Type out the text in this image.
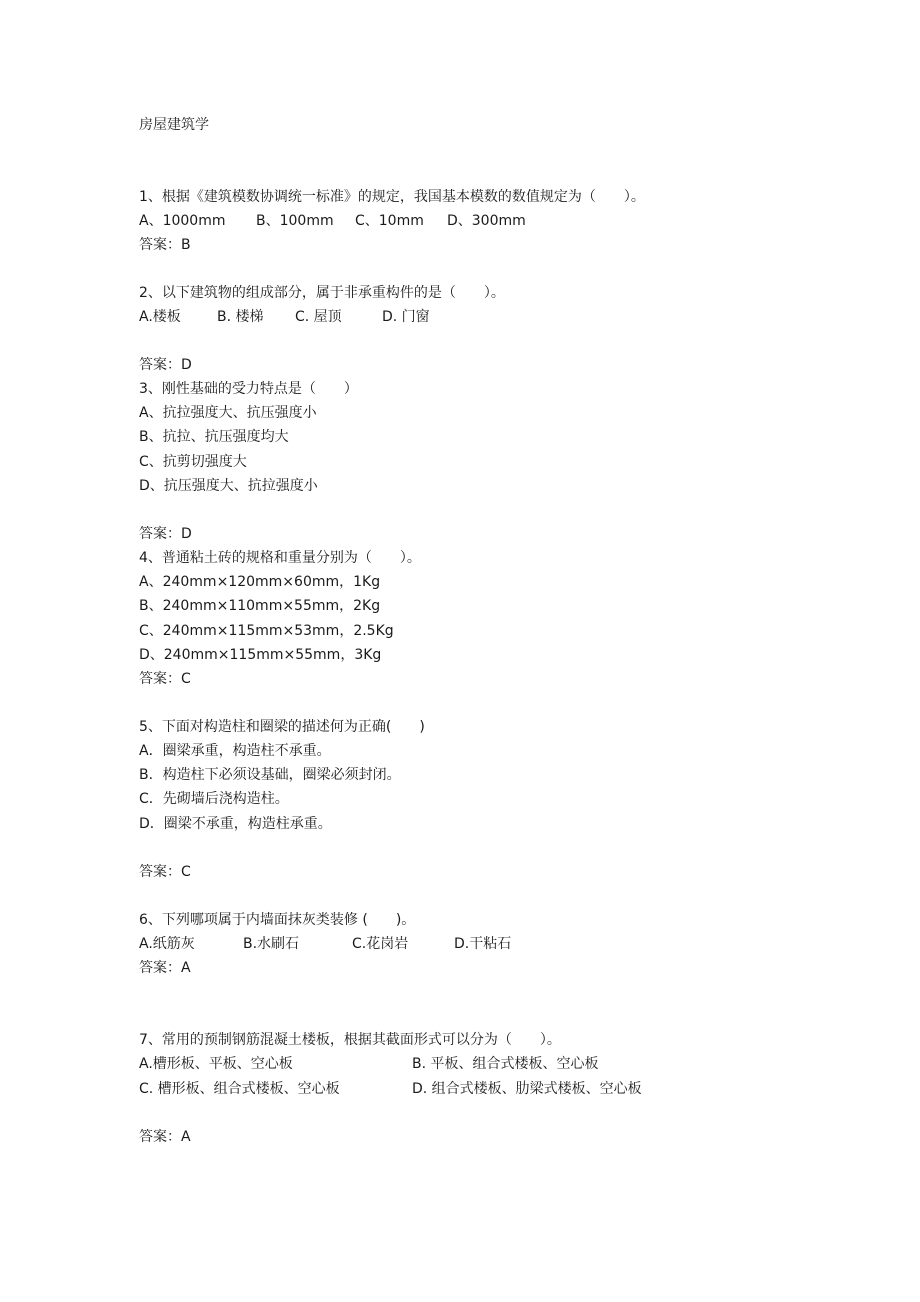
房屋建筑学
1、根据《建筑模数协调统一标准》的规定，我国基本模数的数值规定为（　　）。
A、1000mm B、100mm C、10mm D、300mm
答案：B
2、以下建筑物的组成部分，属于非承重构件的是（　　）。
A.楼板	B. 楼梯 C. 屋顶	D. 门窗
答案：D
3、刚性基础的受力特点是（　　）
A、抗拉强度大、抗压强度小
B、抗拉、抗压强度均大
C、抗剪切强度大
D、抗压强度大、抗拉强度小
答案：D
4、普通粘土砖的规格和重量分别为（　　）。
A、240mm×120mm×60mm，1Kg
B、240mm×110mm×55mm，2Kg
C、240mm×115mm×53mm，2.5Kg
D、240mm×115mm×55mm，3Kg
答案：C
5、下面对构造柱和圈梁的描述何为正确(　　)
A．圈梁承重，构造柱不承重。
B．构造柱下必须设基础，圈梁必须封闭。
C．先砌墙后浇构造柱。
D．圈梁不承重，构造柱承重。
答案：C
6、下列哪项属于内墙面抹灰类装修 (　　)。
A.纸筋灰	B.水刷石	C.花岗岩	D.干粘石
答案：A
7、常用的预制钢筋混凝土楼板，根据其截面形式可以分为（　　）。
A.槽形板、平板、空心板	B. 平板、组合式楼板、空心板
C. 槽形板、组合式楼板、空心板	D. 组合式楼板、肋梁式楼板、空心板
答案：A
